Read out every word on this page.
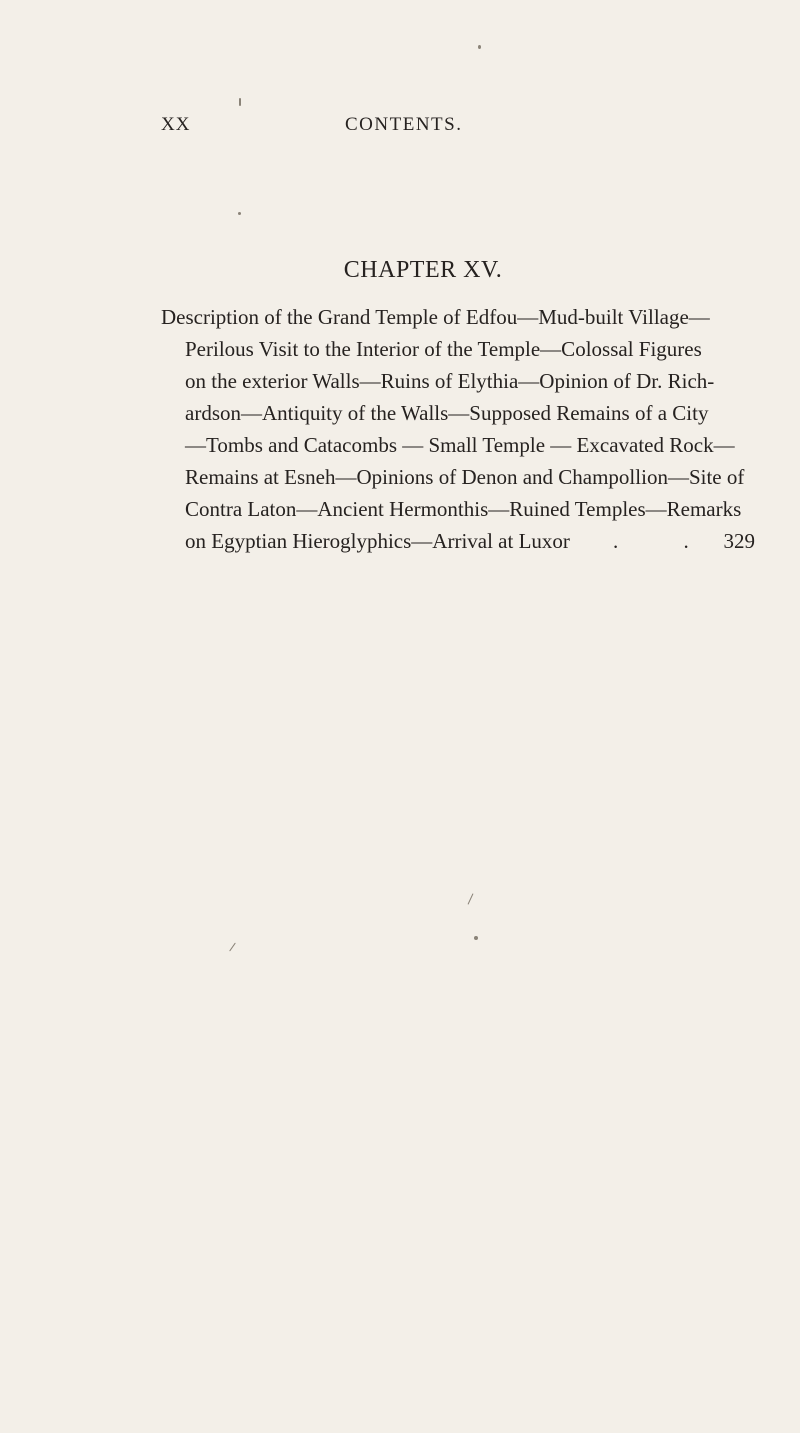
XX	CONTENTS.
CHAPTER XV.
Description of the Grand Temple of Edfou—Mud-built Village—
Perilous Visit to the Interior of the Temple—Colossal Figures
on the exterior Walls—Ruins of Elythia—Opinion of Dr. Rich-
ardson—Antiquity of the Walls—Supposed Remains of a City
—Tombs and Catacombs — Small Temple — Excavated Rock—
Remains at Esneh—Opinions of Denon and Champollion—Site of
Contra Laton—Ancient Hermonthis—Ruined Temples—Remarks
on Egyptian Hieroglyphics—Arrival at Luxor . . 329
